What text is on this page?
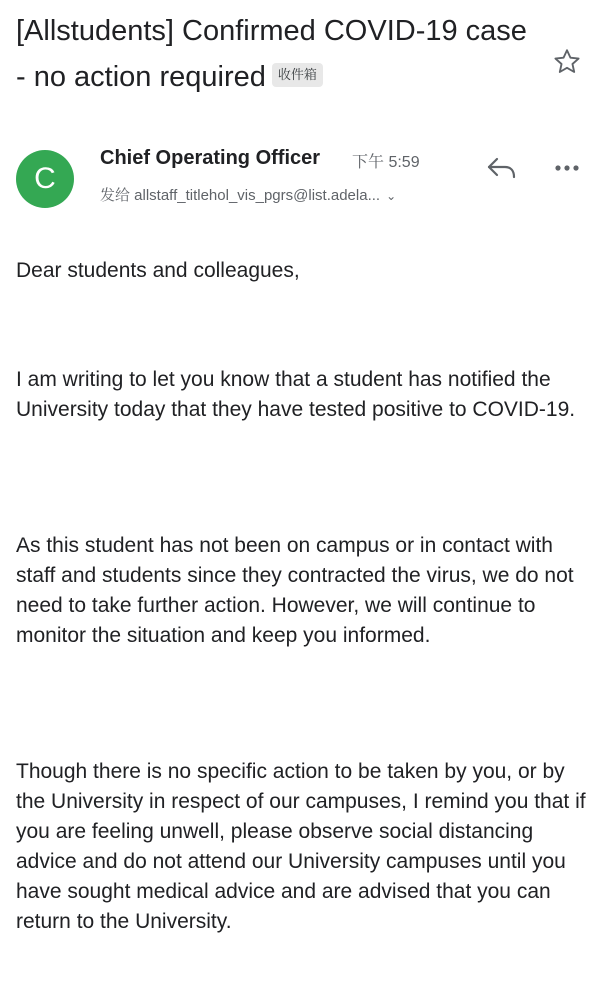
[Allstudents] Confirmed COVID-19 case - no action required 收件箱
C
Chief Operating Officer 下午 5:59
发给 allstaff_titlehol_vis_pgrs@list.adela... ⌄
Dear students and colleagues,
I am writing to let you know that a student has notified the University today that they have tested positive to COVID-19.
As this student has not been on campus or in contact with staff and students since they contracted the virus, we do not need to take further action. However, we will continue to monitor the situation and keep you informed.
Though there is no specific action to be taken by you, or by the University in respect of our campuses, I remind you that if you are feeling unwell, please observe social distancing advice and do not attend our University campuses until you have sought medical advice and are advised that you can return to the University.
